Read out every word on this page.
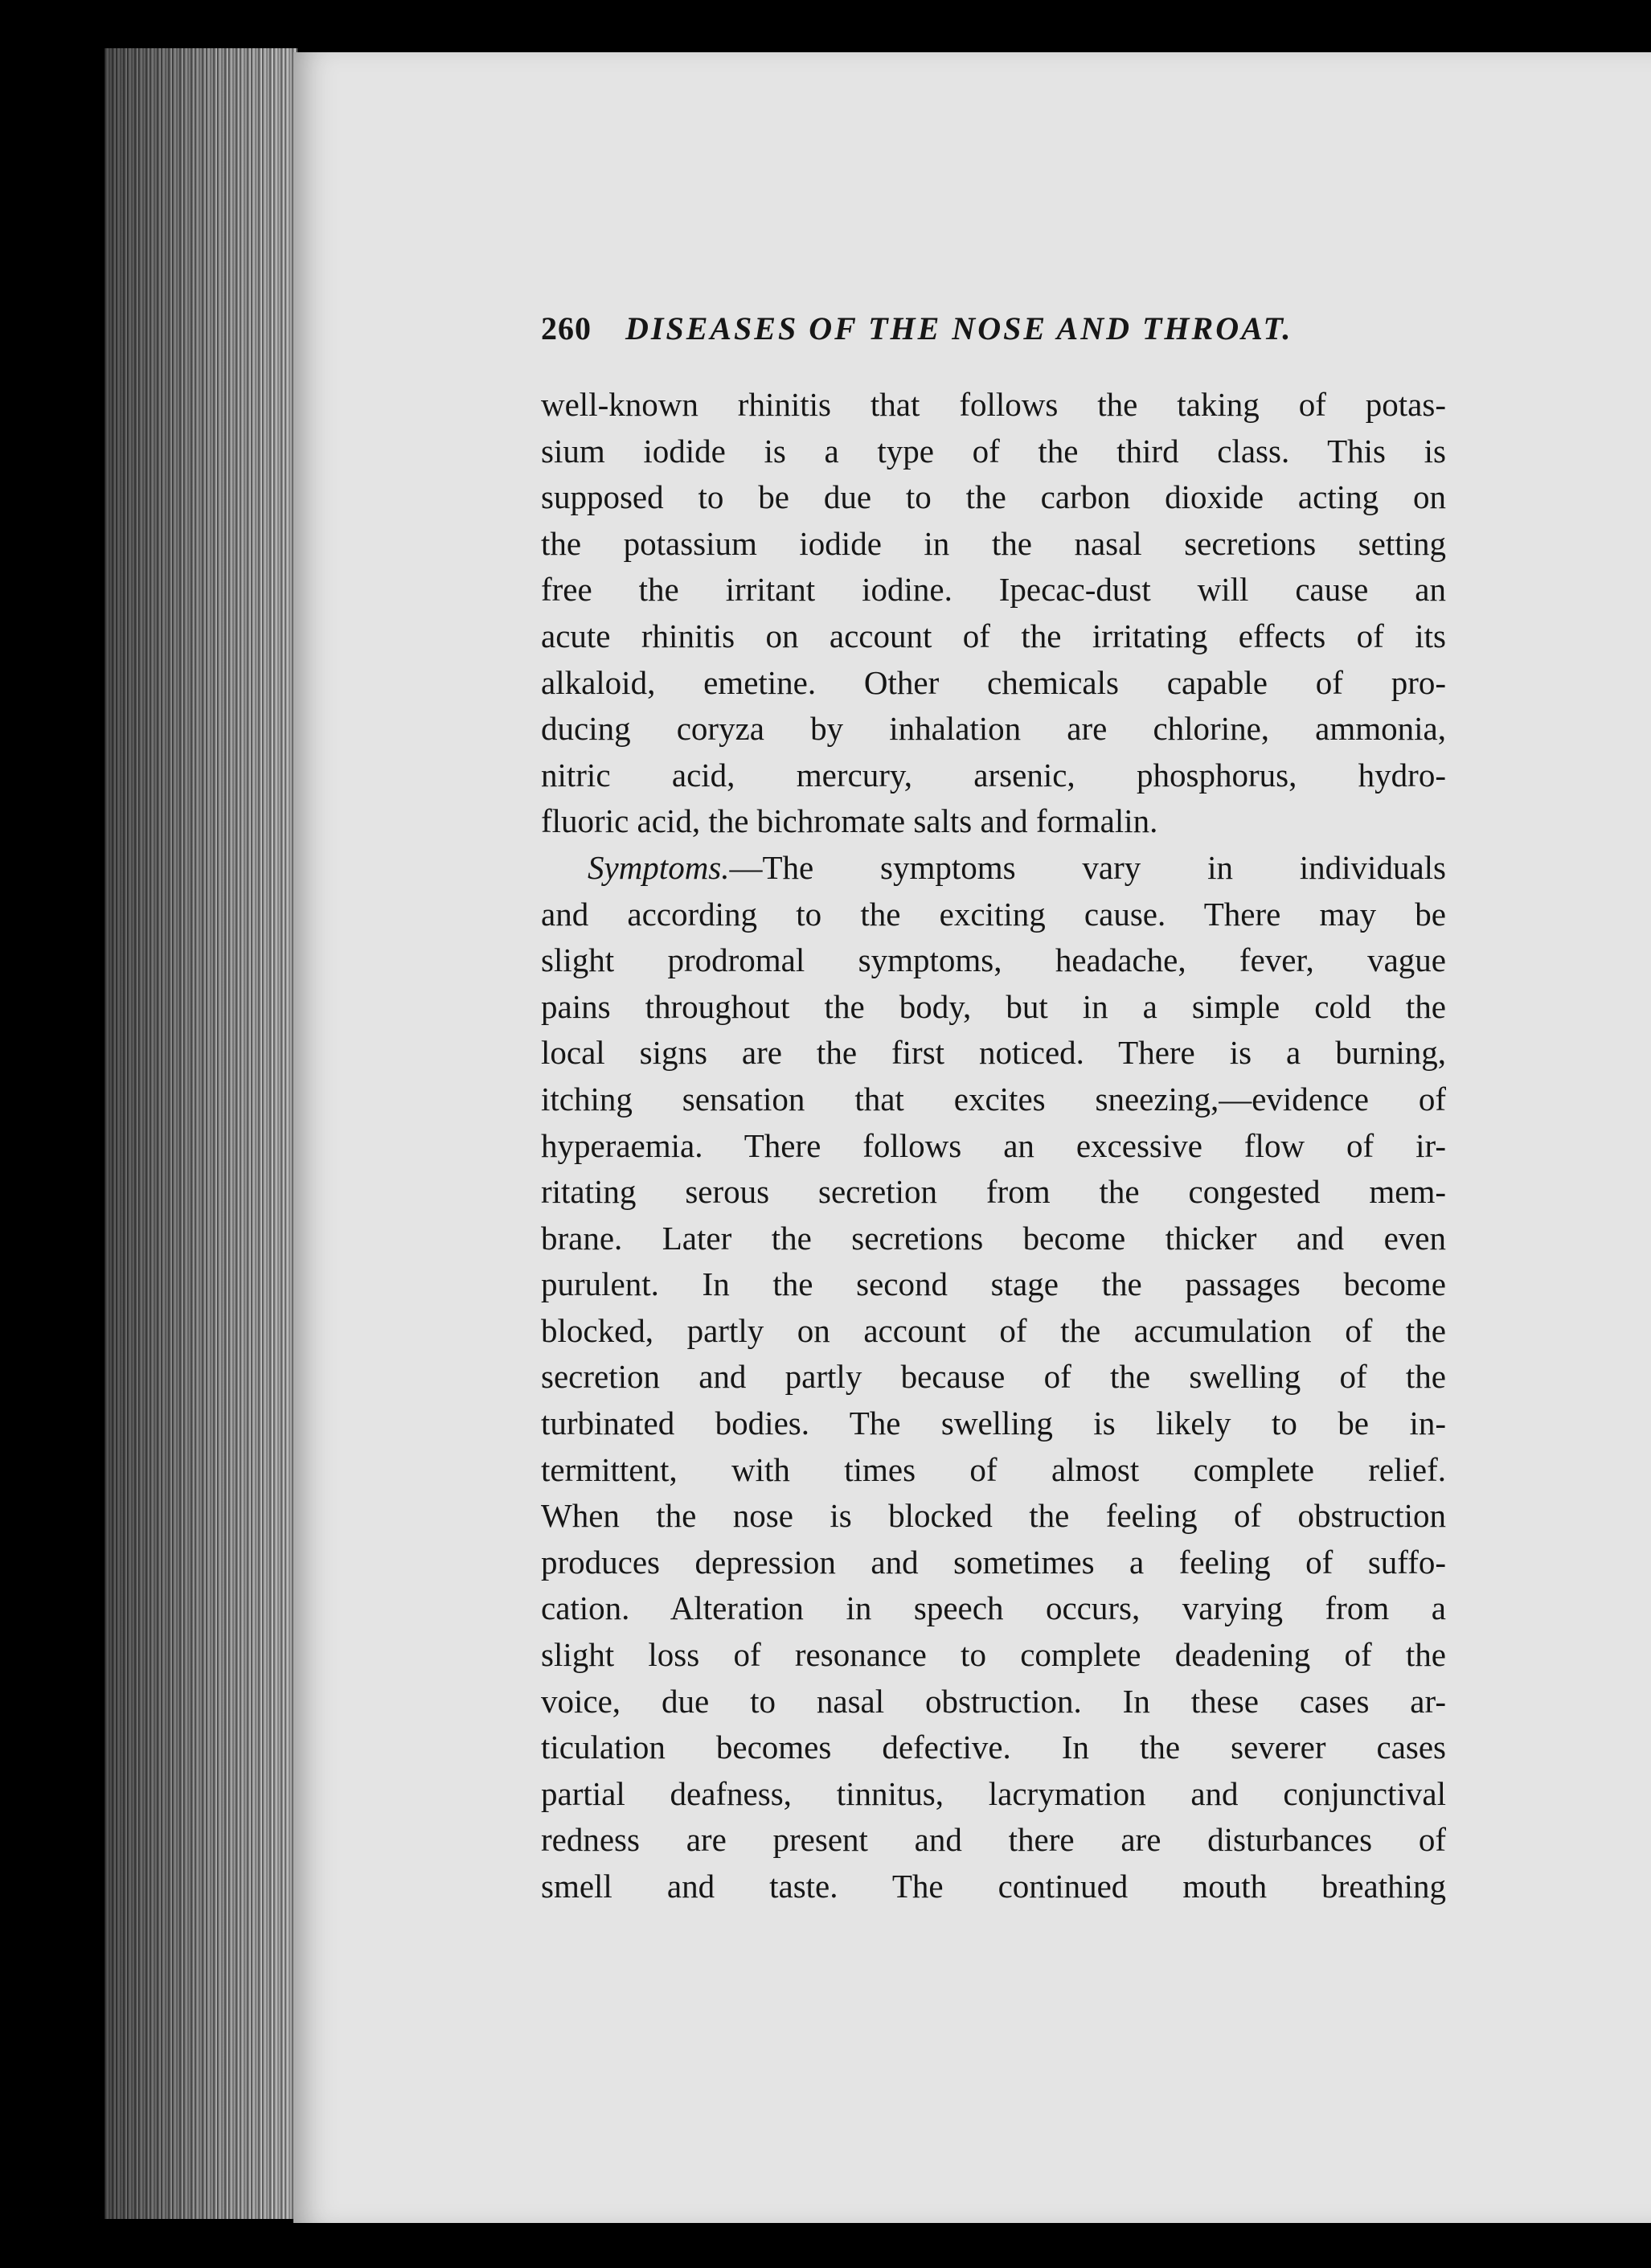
260 DISEASES OF THE NOSE AND THROAT.
well-known rhinitis that follows the taking of potas-
sium iodide is a type of the third class. This is
supposed to be due to the carbon dioxide acting on
the potassium iodide in the nasal secretions setting
free the irritant iodine. Ipecac-dust will cause an
acute rhinitis on account of the irritating effects of its
alkaloid, emetine. Other chemicals capable of pro-
ducing coryza by inhalation are chlorine, ammonia,
nitric acid, mercury, arsenic, phosphorus, hydro-
fluoric acid, the bichromate salts and formalin.
Symptoms.—The symptoms vary in individuals
and according to the exciting cause. There may be
slight prodromal symptoms, headache, fever, vague
pains throughout the body, but in a simple cold the
local signs are the first noticed. There is a burning,
itching sensation that excites sneezing,—evidence of
hyperaemia. There follows an excessive flow of ir-
ritating serous secretion from the congested mem-
brane. Later the secretions become thicker and even
purulent. In the second stage the passages become
blocked, partly on account of the accumulation of the
secretion and partly because of the swelling of the
turbinated bodies. The swelling is likely to be in-
termittent, with times of almost complete relief.
When the nose is blocked the feeling of obstruction
produces depression and sometimes a feeling of suffo-
cation. Alteration in speech occurs, varying from a
slight loss of resonance to complete deadening of the
voice, due to nasal obstruction. In these cases ar-
ticulation becomes defective. In the severer cases
partial deafness, tinnitus, lacrymation and conjunctival
redness are present and there are disturbances of
smell and taste. The continued mouth breathing
